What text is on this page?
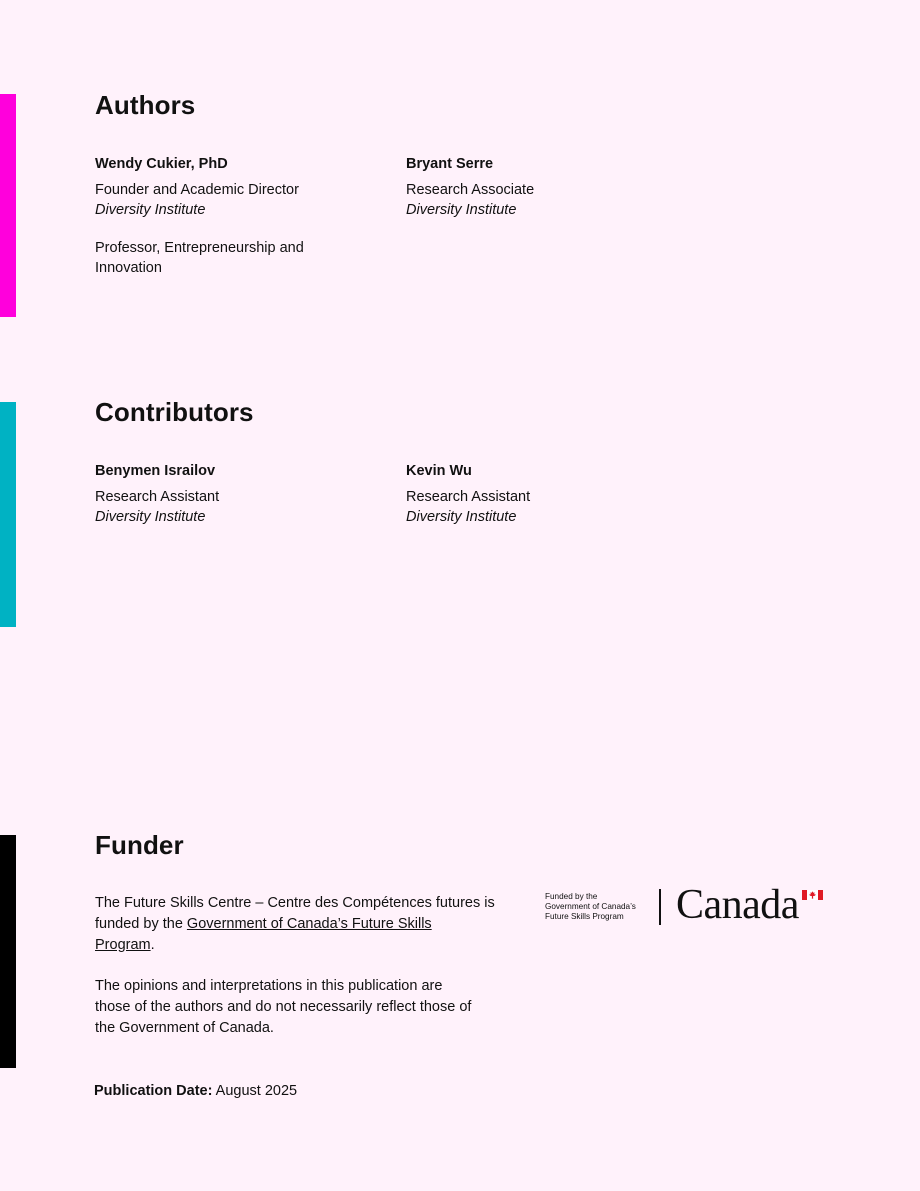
Authors
Wendy Cukier, PhD
Founder and Academic Director
Diversity Institute
Professor, Entrepreneurship and Innovation
Bryant Serre
Research Associate
Diversity Institute
Contributors
Benymen Israilov
Research Assistant
Diversity Institute
Kevin Wu
Research Assistant
Diversity Institute
Funder

The Future Skills Centre – Centre des Compétences futures is funded by the Government of Canada’s Future Skills Program.

The opinions and interpretations in this publication are those of the authors and do not necessarily reflect those of the Government of Canada.

Funded by the
Government of Canada’s
Future Skills Program	Canada
Publication Date: August 2025
